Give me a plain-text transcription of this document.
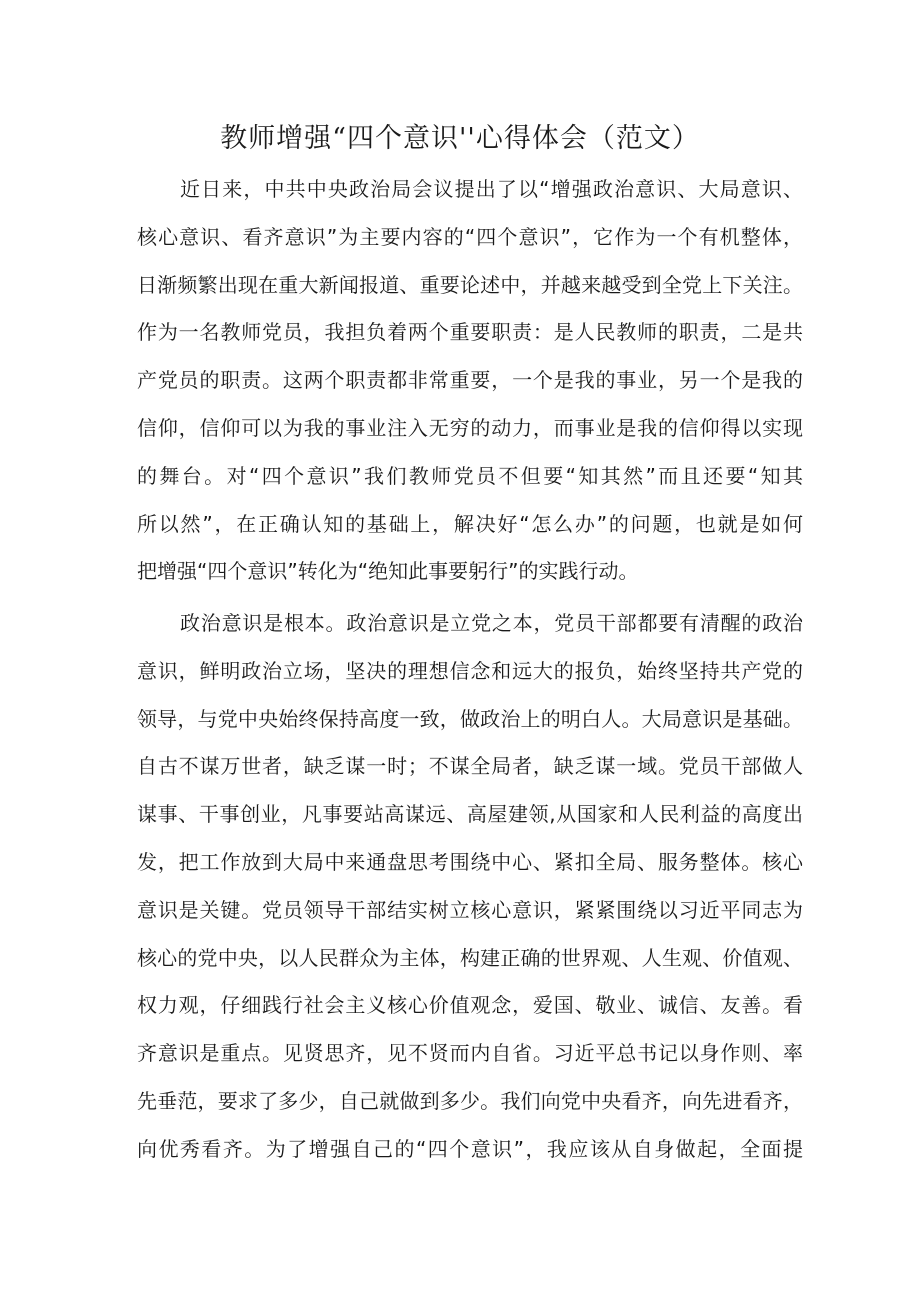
教师增强“四个意识''心得体会（范文）
近日来，中共中央政治局会议提出了以“增强政治意识、大局意识、
核心意识、看齐意识”为主要内容的“四个意识”，它作为一个有机整体，
日渐频繁出现在重大新闻报道、重要论述中，并越来越受到全党上下关注。
作为一名教师党员，我担负着两个重要职责：是人民教师的职责，二是共
产党员的职责。这两个职责都非常重要，一个是我的事业，另一个是我的
信仰，信仰可以为我的事业注入无穷的动力，而事业是我的信仰得以实现
的舞台。对“四个意识”我们教师党员不但要“知其然”而且还要“知其
所以然”，在正确认知的基础上，解决好“怎么办”的问题，也就是如何
把增强“四个意识”转化为“绝知此事要躬行”的实践行动。
政治意识是根本。政治意识是立党之本，党员干部都要有清醒的政治
意识，鲜明政治立场，坚决的理想信念和远大的报负，始终坚持共产党的
领导，与党中央始终保持高度一致，做政治上的明白人。大局意识是基础。
自古不谋万世者，缺乏谋一时；不谋全局者，缺乏谋一域。党员干部做人
谋事、干事创业，凡事要站高谋远、高屋建领,从国家和人民利益的高度出
发，把工作放到大局中来通盘思考围绕中心、紧扣全局、服务整体。核心
意识是关键。党员领导干部结实树立核心意识，紧紧围绕以习近平同志为
核心的党中央，以人民群众为主体，构建正确的世界观、人生观、价值观、
权力观，仔细践行社会主义核心价值观念，爱国、敬业、诚信、友善。看
齐意识是重点。见贤思齐，见不贤而内自省。习近平总书记以身作则、率
先垂范，要求了多少，自己就做到多少。我们向党中央看齐，向先进看齐，
向优秀看齐。为了增强自己的“四个意识”，我应该从自身做起，全面提
